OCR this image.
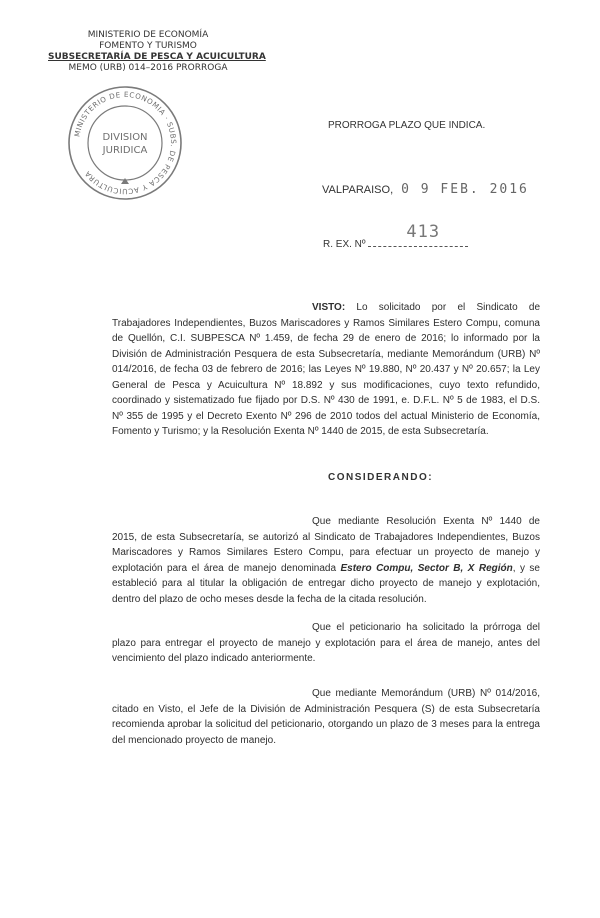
MINISTERIO DE ECONOMÍA
FOMENTO Y TURISMO
SUBSECRETARÍA DE PESCA Y ACUICULTURA
MEMO (URB) 014–2016 PRORROGA
MINISTERIO DE ECONOMIA · SUBS. DE PESCA Y ACUICULTURA
DIVISION
JURIDICA
PRORROGA PLAZO QUE INDICA.
VALPARAISO, 0 9 FEB. 2016
R. EX. Nº
413
VISTO: Lo solicitado por el Sindicato de Trabajadores Independientes, Buzos Mariscadores y Ramos Similares Estero Compu, comuna de Quellón, C.I. SUBPESCA Nº 1.459, de fecha 29 de enero de 2016; lo informado por la División de Administración Pesquera de esta Subsecretaría, mediante Memorándum (URB) Nº 014/2016, de fecha 03 de febrero de 2016; las Leyes Nº 19.880, Nº 20.437 y Nº 20.657; la Ley General de Pesca y Acuicultura Nº 18.892 y sus modificaciones, cuyo texto refundido, coordinado y sistematizado fue fijado por D.S. Nº 430 de 1991, e. D.F.L. Nº 5 de 1983, el D.S. Nº 355 de 1995 y el Decreto Exento Nº 296 de 2010 todos del actual Ministerio de Economía, Fomento y Turismo; y la Resolución Exenta Nº 1440 de 2015, de esta Subsecretaría.
CONSIDERANDO:
Que mediante Resolución Exenta Nº 1440 de 2015, de esta Subsecretaría, se autorizó al Sindicato de Trabajadores Independientes, Buzos Mariscadores y Ramos Similares Estero Compu, para efectuar un proyecto de manejo y explotación para el área de manejo denominada Estero Compu, Sector B, X Región, y se estableció para al titular la obligación de entregar dicho proyecto de manejo y explotación, dentro del plazo de ocho meses desde la fecha de la citada resolución.
Que el peticionario ha solicitado la prórroga del plazo para entregar el proyecto de manejo y explotación para el área de manejo, antes del vencimiento del plazo indicado anteriormente.
Que mediante Memorándum (URB) Nº 014/2016, citado en Visto, el Jefe de la División de Administración Pesquera (S) de esta Subsecretaría recomienda aprobar la solicitud del peticionario, otorgando un plazo de 3 meses para la entrega del mencionado proyecto de manejo.
